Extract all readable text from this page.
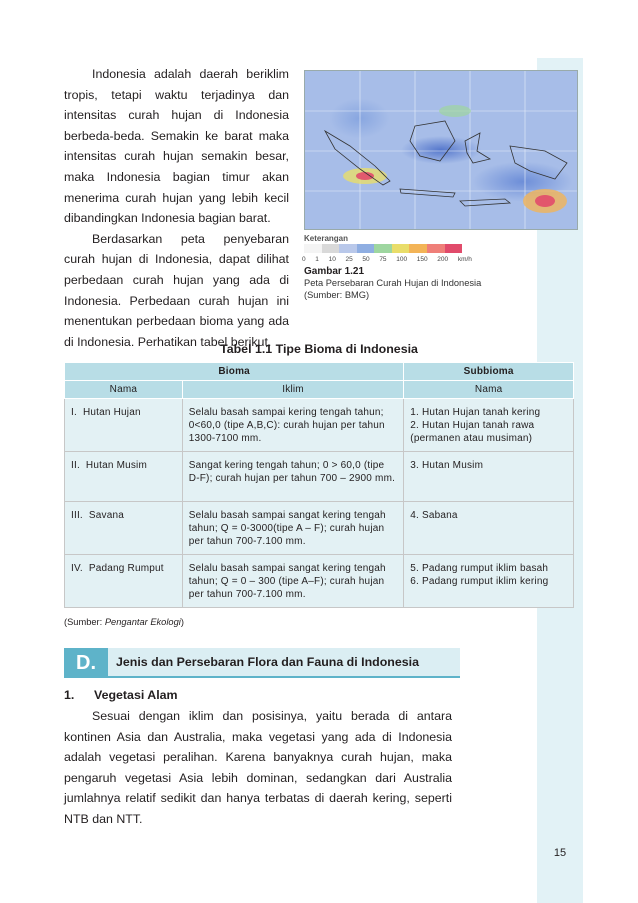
Indonesia adalah daerah beriklim tropis, tetapi waktu terjadinya dan intensitas curah hujan di Indonesia berbeda-beda. Semakin ke barat maka intensitas curah hujan semakin besar, maka Indonesia bagian timur akan menerima curah hujan yang lebih kecil dibandingkan Indonesia bagian barat.

Berdasarkan peta penyebaran curah hujan di Indonesia, dapat dilihat perbedaan curah hujan yang ada di Indonesia. Perbedaan curah hujan ini menentukan perbedaan bioma yang ada di Indonesia. Perhatikan tabel berikut.

Keterangan
0 1 10 25 50 75 100 150 200 km/h
Gambar 1.21
Peta Persebaran Curah Hujan di Indonesia
(Sumber: BMG)
Tabel 1.1 Tipe Bioma di Indonesia
Bioma		Subbioma
Nama	Iklim	Nama
I. Hutan Hujan	Selalu basah sampai kering tengah tahun; 0<60,0 (tipe A,B,C): curah hujan per tahun 1300-7100 mm.	1. Hutan Hujan tanah kering
2. Hutan Hujan tanah rawa (permanen atau musiman)

II. Hutan Musim	Sangat kering tengah tahun; 0 > 60,0 (tipe D-F); curah hujan per tahun 700 – 2900 mm.	3. Hutan Musim

III. Savana	Selalu basah sampai sangat kering tengah tahun; Q = 0-3000(tipe A – F); curah hujan per tahun 700-7.100 mm.	4. Sabana

IV. Padang Rumput	Selalu basah sampai sangat kering tengah tahun; Q = 0 – 300 (tipe A–F); curah hujan per tahun 700-7.100 mm.	5. Padang rumput iklim basah
6. Padang rumput iklim kering
(Sumber: Pengantar Ekologi)
D.	Jenis dan Persebaran Flora dan Fauna di Indonesia
1. Vegetasi Alam

Sesuai dengan iklim dan posisinya, yaitu berada di antara kontinen Asia dan Australia, maka vegetasi yang ada di Indonesia adalah vegetasi peralihan. Karena banyaknya curah hujan, maka pengaruh vegetasi Asia lebih dominan, sedangkan dari Australia jumlahnya relatif sedikit dan hanya terbatas di daerah kering, seperti NTB dan NTT.

15
